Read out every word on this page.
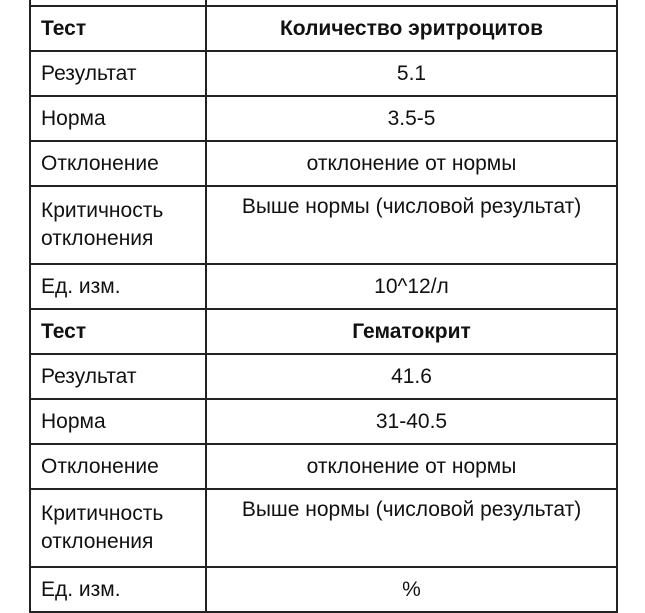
Тест	Количество эритроцитов
Результат	5.1
Норма	3.5-5
Отклонение	отклонение от нормы
Критичность отклонения	Выше нормы (числовой результат)
Ед. изм.	10^12/л
Тест	Гематокрит
Результат	41.6
Норма	31-40.5
Отклонение	отклонение от нормы
Критичность отклонения	Выше нормы (числовой результат)
Ед. изм.	%
